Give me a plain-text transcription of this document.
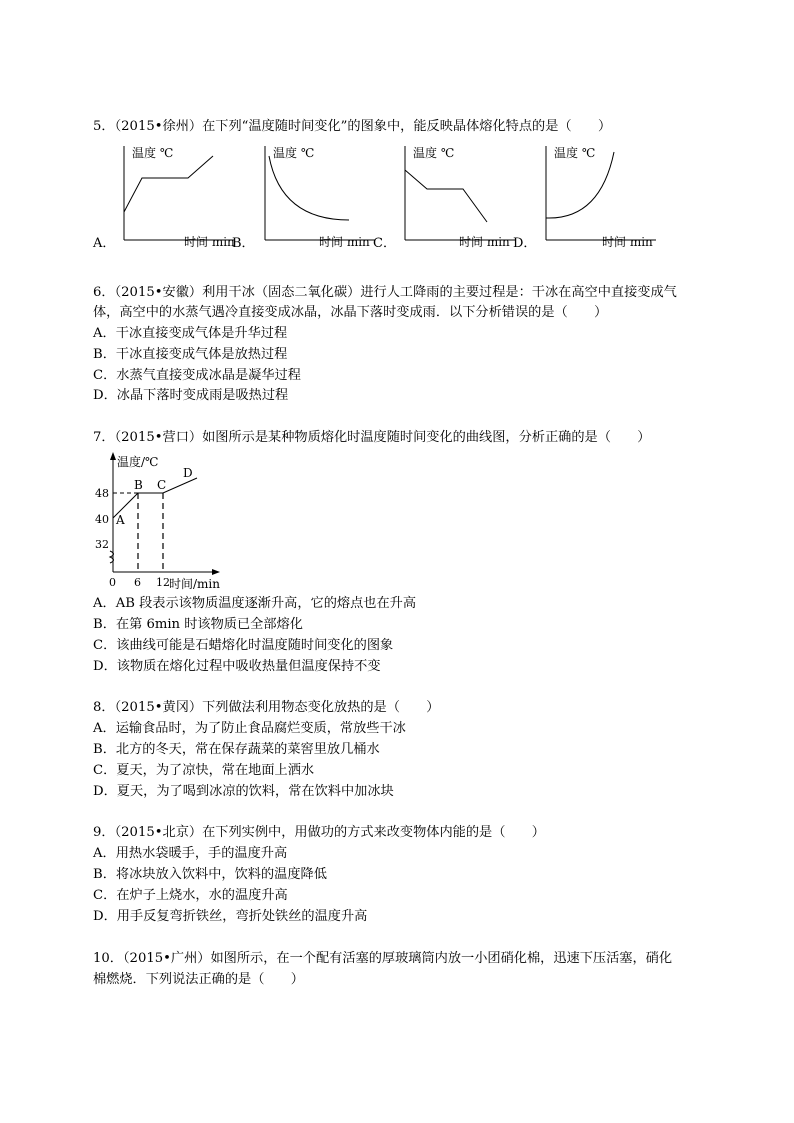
5．（2015•徐州）在下列“温度随时间变化”的图象中，能反映晶体熔化特点的是（　　）
温度 ℃
时间 min
A．
温度 ℃
时间 min
B．
温度 ℃
时间 min
C．
温度 ℃
时间 min
D．
6．（2015•安徽）利用干冰（固态二氧化碳）进行人工降雨的主要过程是：干冰在高空中直接变成气
体，高空中的水蒸气遇冷直接变成冰晶，冰晶下落时变成雨．以下分析错误的是（　　）
A．干冰直接变成气体是升华过程
B．干冰直接变成气体是放热过程
C．水蒸气直接变成冰晶是凝华过程
D．冰晶下落时变成雨是吸热过程
7．（2015•营口）如图所示是某种物质熔化时温度随时间变化的曲线图，分析正确的是（　　）
温度/℃
时间/min
48
40
32
0 6 12
A
B C
D
A．AB 段表示该物质温度逐渐升高，它的熔点也在升高
B．在第 6min 时该物质已全部熔化
C．该曲线可能是石蜡熔化时温度随时间变化的图象
D．该物质在熔化过程中吸收热量但温度保持不变
8．（2015•黄冈）下列做法利用物态变化放热的是（　　）
A．运输食品时，为了防止食品腐烂变质，常放些干冰
B．北方的冬天，常在保存蔬菜的菜窖里放几桶水
C．夏天，为了凉快，常在地面上洒水
D．夏天，为了喝到冰凉的饮料，常在饮料中加冰块
9．（2015•北京）在下列实例中，用做功的方式来改变物体内能的是（　　）
A．用热水袋暖手，手的温度升高
B．将冰块放入饮料中，饮料的温度降低
C．在炉子上烧水，水的温度升高
D．用手反复弯折铁丝，弯折处铁丝的温度升高
10．（2015•广州）如图所示，在一个配有活塞的厚玻璃筒内放一小团硝化棉，迅速下压活塞，硝化
棉燃烧．下列说法正确的是（　　）
